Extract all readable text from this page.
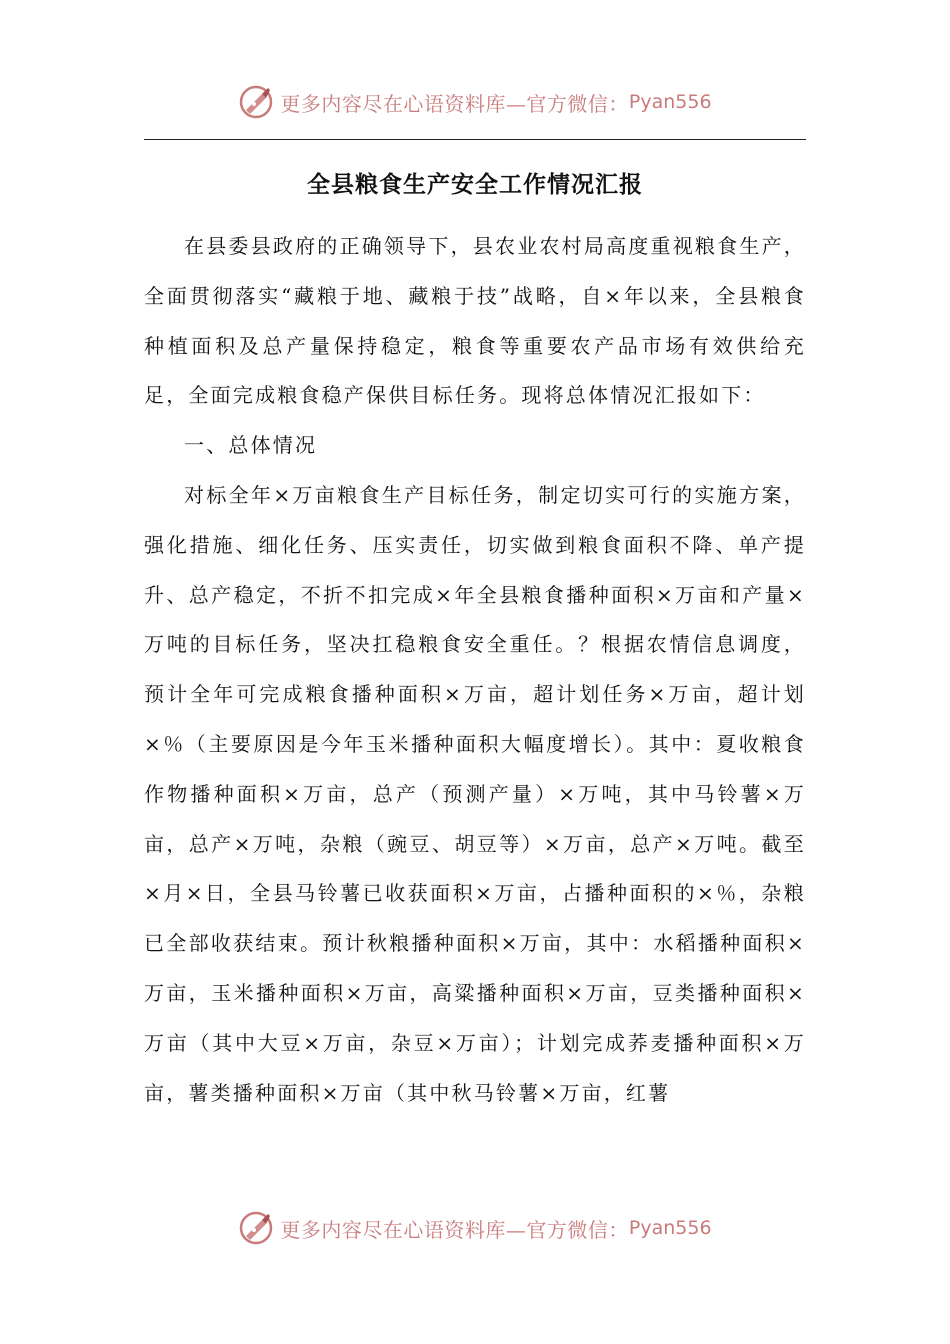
更多内容尽在心语资料库—官方微信： Pyan556
全县粮食生产安全工作情况汇报

在县委县政府的正确领导下，县农业农村局高度重视粮食生产，全面贯彻落实“藏粮于地、藏粮于技”战略，自×年以来，全县粮食种植面积及总产量保持稳定，粮食等重要农产品市场有效供给充足，全面完成粮食稳产保供目标任务。现将总体情况汇报如下：

一、总体情况

对标全年×万亩粮食生产目标任务，制定切实可行的实施方案，强化措施、细化任务、压实责任，切实做到粮食面积不降、单产提升、总产稳定，不折不扣完成×年全县粮食播种面积×万亩和产量×万吨的目标任务，坚决扛稳粮食安全重任。？根据农情信息调度，预计全年可完成粮食播种面积×万亩，超计划任务×万亩，超计划×％（主要原因是今年玉米播种面积大幅度增长）。其中：夏收粮食作物播种面积×万亩，总产（预测产量）×万吨，其中马铃薯×万亩，总产×万吨，杂粮（豌豆、胡豆等）×万亩，总产×万吨。截至×月×日，全县马铃薯已收获面积×万亩，占播种面积的×％，杂粮已全部收获结束。预计秋粮播种面积×万亩，其中：水稻播种面积×万亩，玉米播种面积×万亩，高粱播种面积×万亩，豆类播种面积×万亩（其中大豆×万亩，杂豆×万亩）；计划完成荞麦播种面积×万亩，薯类播种面积×万亩（其中秋马铃薯×万亩，红薯

更多内容尽在心语资料库—官方微信： Pyan556
